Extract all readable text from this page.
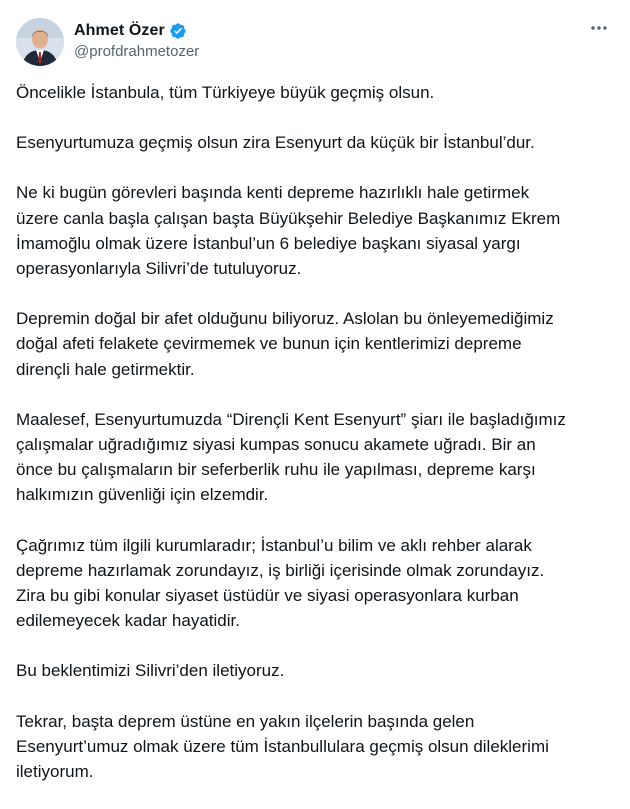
Ahmet Özer
@profdrahmetozer

Öncelikle İstanbula, tüm Türkiyeye büyük geçmiş olsun.

Esenyurtumuza geçmiş olsun zira Esenyurt da küçük bir İstanbul’dur.

Ne ki bugün görevleri başında kenti depreme hazırlıklı hale getirmek
üzere canla başla çalışan başta Büyükşehir Belediye Başkanımız Ekrem
İmamoğlu olmak üzere İstanbul’un 6 belediye başkanı siyasal yargı
operasyonlarıyla Silivri’de tutuluyoruz.

Depremin doğal bir afet olduğunu biliyoruz. Aslolan bu önleyemediğimiz
doğal afeti felakete çevirmemek ve bunun için kentlerimizi depreme
dirençli hale getirmektir.

Maalesef, Esenyurtumuzda “Dirençli Kent Esenyurt” şiarı ile başladığımız
çalışmalar uğradığımız siyasi kumpas sonucu akamete uğradı. Bir an
önce bu çalışmaların bir seferberlik ruhu ile yapılması, depreme karşı
halkımızın güvenliği için elzemdir.

Çağrımız tüm ilgili kurumlaradır; İstanbul’u bilim ve aklı rehber alarak
depreme hazırlamak zorundayız, iş birliği içerisinde olmak zorundayız.
Zira bu gibi konular siyaset üstüdür ve siyasi operasyonlara kurban
edilemeyecek kadar hayatidir.

Bu beklentimizi Silivri’den iletiyoruz.

Tekrar, başta deprem üstüne en yakın ilçelerin başında gelen
Esenyurt’umuz olmak üzere tüm İstanbullulara geçmiş olsun dileklerimi
iletiyorum.
